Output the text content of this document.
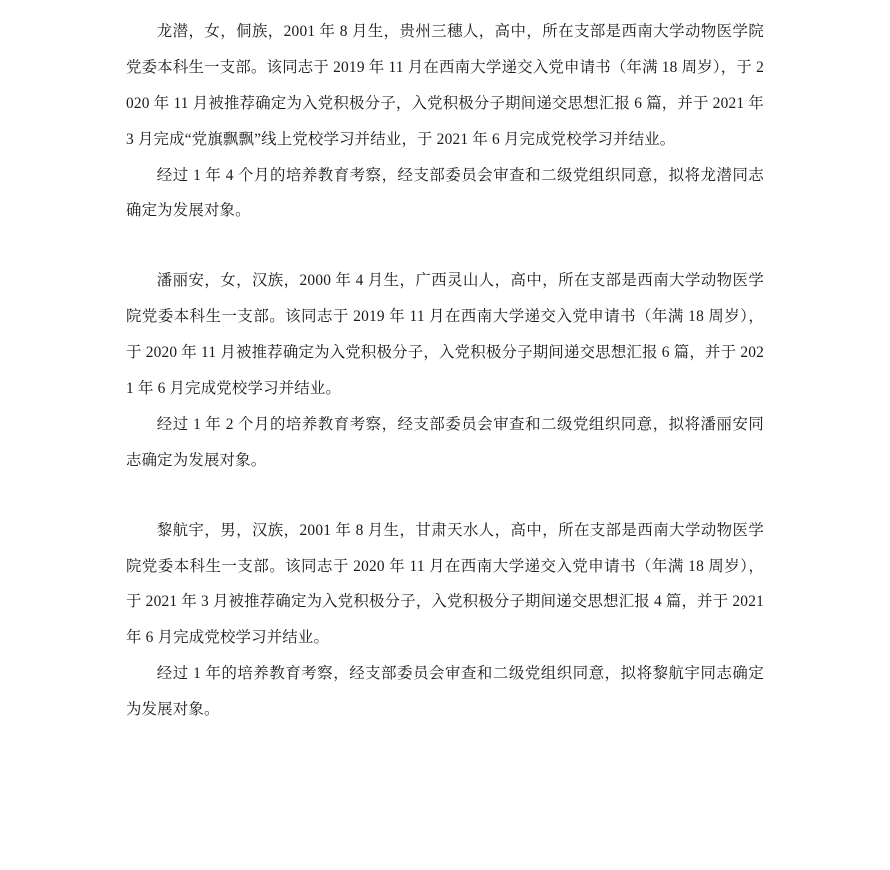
龙潜，女，侗族，2001 年 8 月生，贵州三穗人，高中，所在支部是西南大学动物医学院党委本科生一支部。该同志于 2019 年 11 月在西南大学递交入党申请书（年满 18 周岁），于 2020 年 11 月被推荐确定为入党积极分子，入党积极分子期间递交思想汇报 6 篇，并于 2021 年 3 月完成“党旗飘飘”线上党校学习并结业，于 2021 年 6 月完成党校学习并结业。

经过 1 年 4 个月的培养教育考察，经支部委员会审查和二级党组织同意，拟将龙潜同志确定为发展对象。

潘丽安，女，汉族，2000 年 4 月生，广西灵山人，高中，所在支部是西南大学动物医学院党委本科生一支部。该同志于 2019 年 11 月在西南大学递交入党申请书（年满 18 周岁），于 2020 年 11 月被推荐确定为入党积极分子，入党积极分子期间递交思想汇报 6 篇，并于 2021 年 6 月完成党校学习并结业。

经过 1 年 2 个月的培养教育考察，经支部委员会审查和二级党组织同意，拟将潘丽安同志确定为发展对象。

黎航宇，男，汉族，2001 年 8 月生，甘肃天水人，高中，所在支部是西南大学动物医学院党委本科生一支部。该同志于 2020 年 11 月在西南大学递交入党申请书（年满 18 周岁），于 2021 年 3 月被推荐确定为入党积极分子，入党积极分子期间递交思想汇报 4 篇，并于 2021 年 6 月完成党校学习并结业。

经过 1 年的培养教育考察，经支部委员会审查和二级党组织同意，拟将黎航宇同志确定为发展对象。
